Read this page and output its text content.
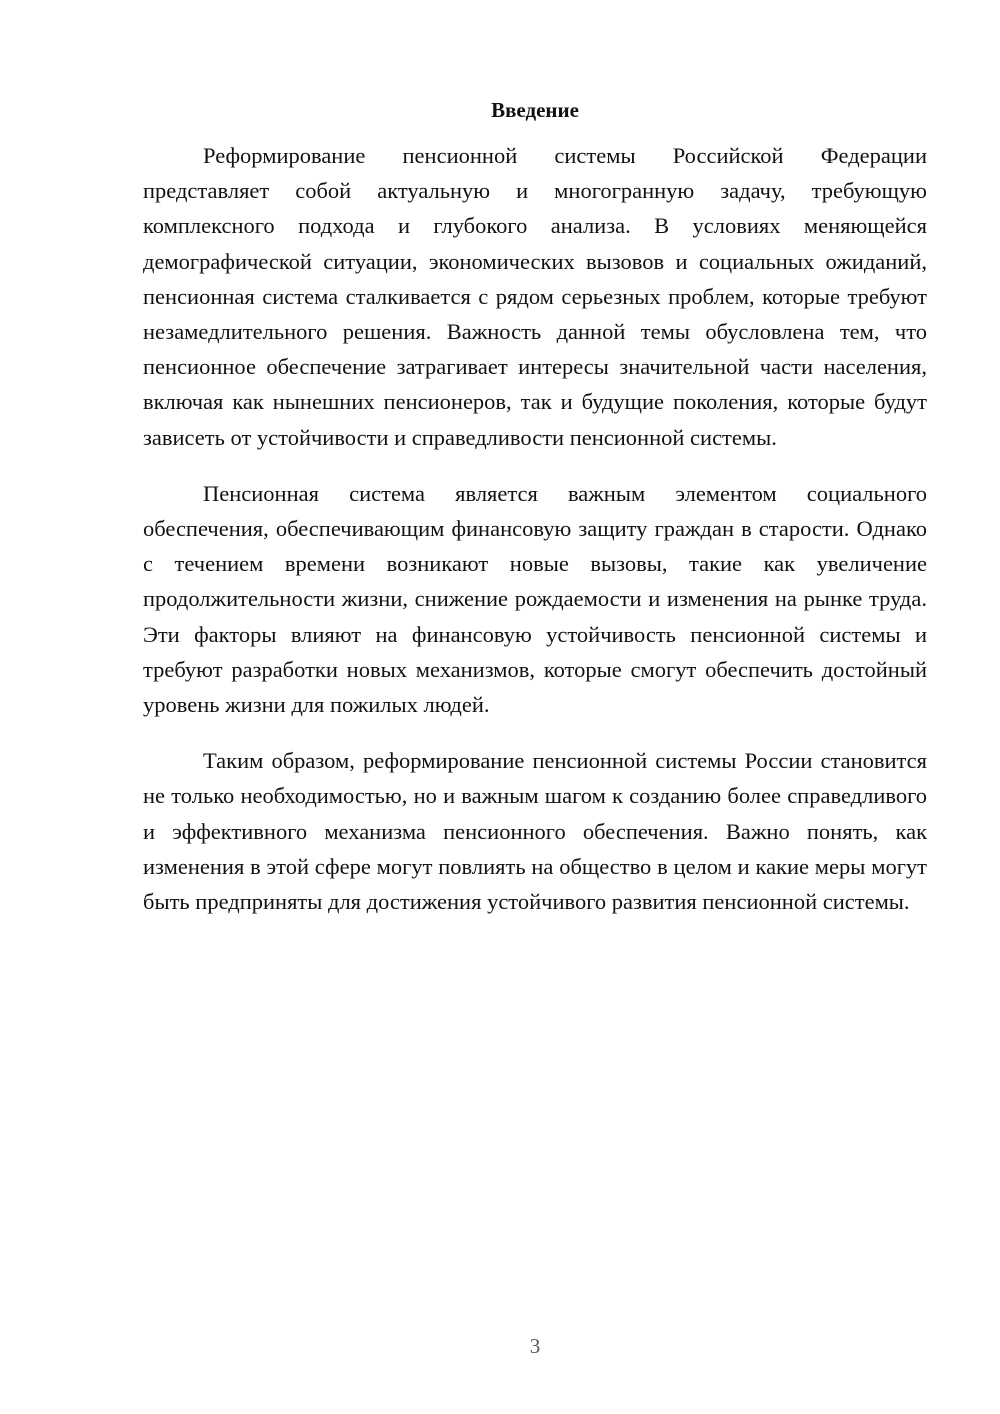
Введение

Реформирование пенсионной системы Российской Федерации представляет собой актуальную и многогранную задачу, требующую комплексного подхода и глубокого анализа. В условиях меняющейся демографической ситуации, экономических вызовов и социальных ожиданий, пенсионная система сталкивается с рядом серьезных проблем, которые требуют незамедлительного решения. Важность данной темы обусловлена тем, что пенсионное обеспечение затрагивает интересы значительной части населения, включая как нынешних пенсионеров, так и будущие поколения, которые будут зависеть от устойчивости и справедливости пенсионной системы.

Пенсионная система является важным элементом социального обеспечения, обеспечивающим финансовую защиту граждан в старости. Однако с течением времени возникают новые вызовы, такие как увеличение продолжительности жизни, снижение рождаемости и изменения на рынке труда. Эти факторы влияют на финансовую устойчивость пенсионной системы и требуют разработки новых механизмов, которые смогут обеспечить достойный уровень жизни для пожилых людей.

Таким образом, реформирование пенсионной системы России становится не только необходимостью, но и важным шагом к созданию более справедливого и эффективного механизма пенсионного обеспечения. Важно понять, как изменения в этой сфере могут повлиять на общество в целом и какие меры могут быть предприняты для достижения устойчивого развития пенсионной системы.

3
